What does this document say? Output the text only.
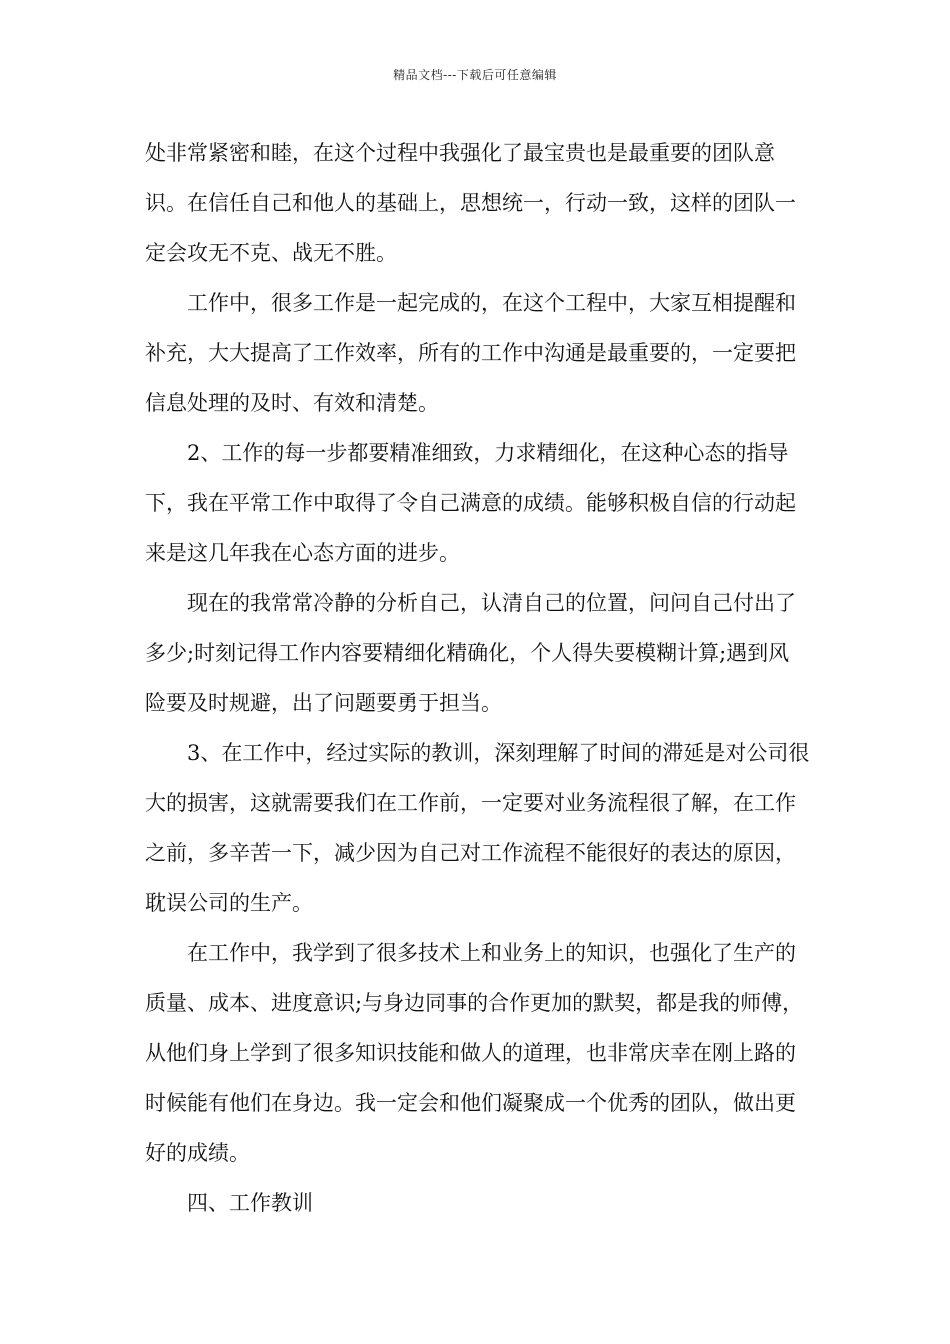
精品文档---下载后可任意编辑

处非常紧密和睦，在这个过程中我强化了最宝贵也是最重要的团队意识。在信任自己和他人的基础上，思想统一，行动一致，这样的团队一定会攻无不克、战无不胜。

工作中，很多工作是一起完成的，在这个工程中，大家互相提醒和补充，大大提高了工作效率，所有的工作中沟通是最重要的，一定要把信息处理的及时、有效和清楚。

2、工作的每一步都要精准细致，力求精细化，在这种心态的指导下，我在平常工作中取得了令自己满意的成绩。能够积极自信的行动起来是这几年我在心态方面的进步。

现在的我常常冷静的分析自己，认清自己的位置，问问自己付出了多少;时刻记得工作内容要精细化精确化，个人得失要模糊计算;遇到风险要及时规避，出了问题要勇于担当。

3、在工作中，经过实际的教训，深刻理解了时间的滞延是对公司很大的损害，这就需要我们在工作前，一定要对业务流程很了解，在工作之前，多辛苦一下，减少因为自己对工作流程不能很好的表达的原因，耽误公司的生产。

在工作中，我学到了很多技术上和业务上的知识，也强化了生产的质量、成本、进度意识;与身边同事的合作更加的默契，都是我的师傅，从他们身上学到了很多知识技能和做人的道理，也非常庆幸在刚上路的时候能有他们在身边。我一定会和他们凝聚成一个优秀的团队，做出更好的成绩。

四、工作教训
